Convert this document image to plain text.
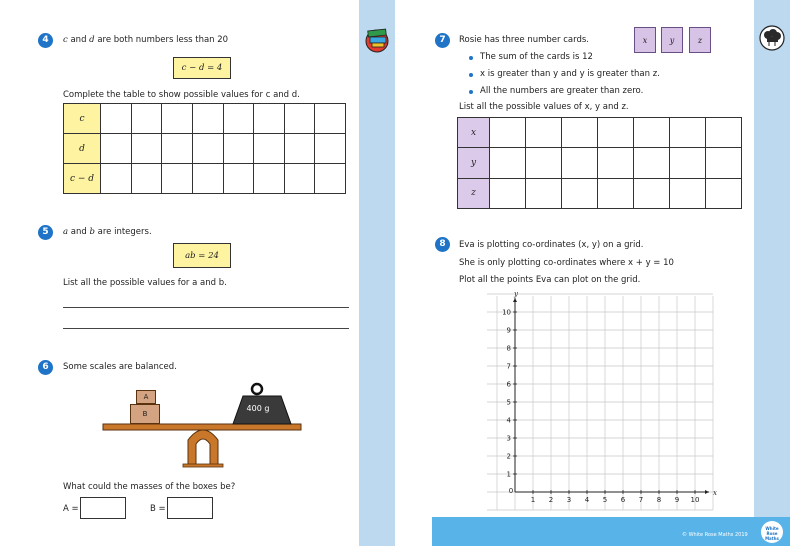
4	c and d are both numbers less than 20
c − d = 4
Complete the table to show possible values for c and d.
c								
d								
c − d								
5	a and b are integers.
ab = 24
List all the possible values for a and b.
6	Some scales are balanced.
A
B
400 g
What could the masses of the boxes be?
A =	B =
7	Rosie has three number cards.	x	y	z
The sum of the cards is 12
x is greater than y and y is greater than z.
All the numbers are greater than zero.
List all the possible values of x, y and z.
x							
y							
z							
8	Eva is plotting co-ordinates (x, y) on a grid.
She is only plotting co-ordinates where x + y = 10
Plot all the points Eva can plot on the grid.
0
1 2 3 4 5 6 7 8 9 10
1
2
3
4
5
6
7
8
9
10
x
y
© White Rose Maths 2019
White Rose Maths
